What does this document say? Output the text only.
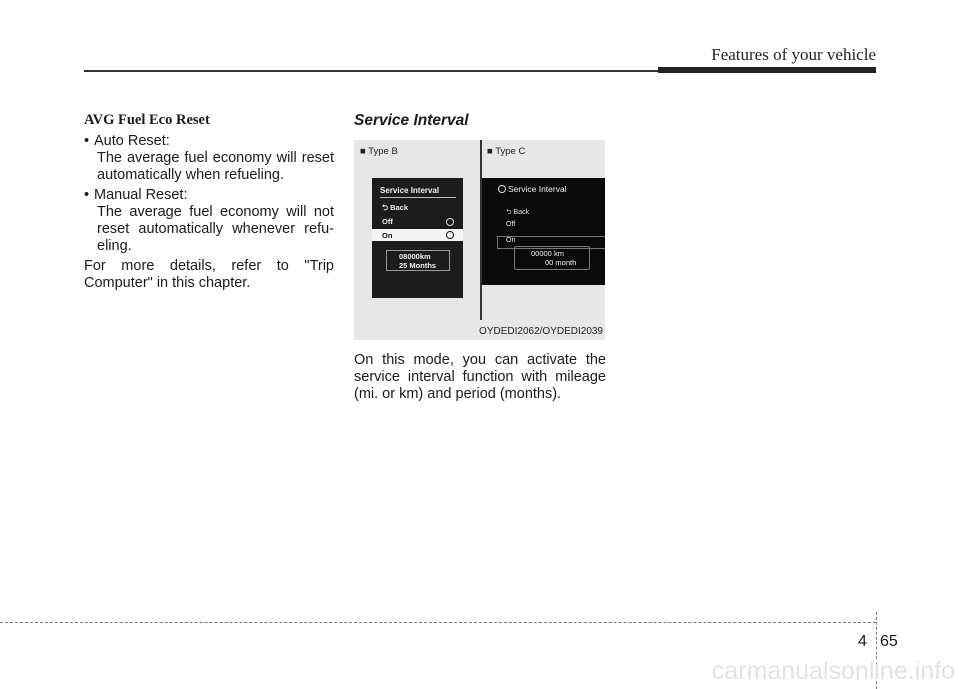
Features of your vehicle
AVG Fuel Eco Reset
• Auto Reset:
The average fuel economy will reset automatically when refueling.
• Manual Reset:
The average fuel economy will not reset automatically whenever refu-eling.
For more details, refer to "Trip Computer" in this chapter.
Service Interval
■ Type B	■ Type C
Service Interval
⮌ Back
Off
On
08000km
25 Months
Service Interval
⮌ Back
Off
On
00000 km
00 month
OYDEDI2062/OYDEDI2039
On this mode, you can activate the service interval function with mileage (mi. or km) and period (months).
4 65
carmanualsonline.info
